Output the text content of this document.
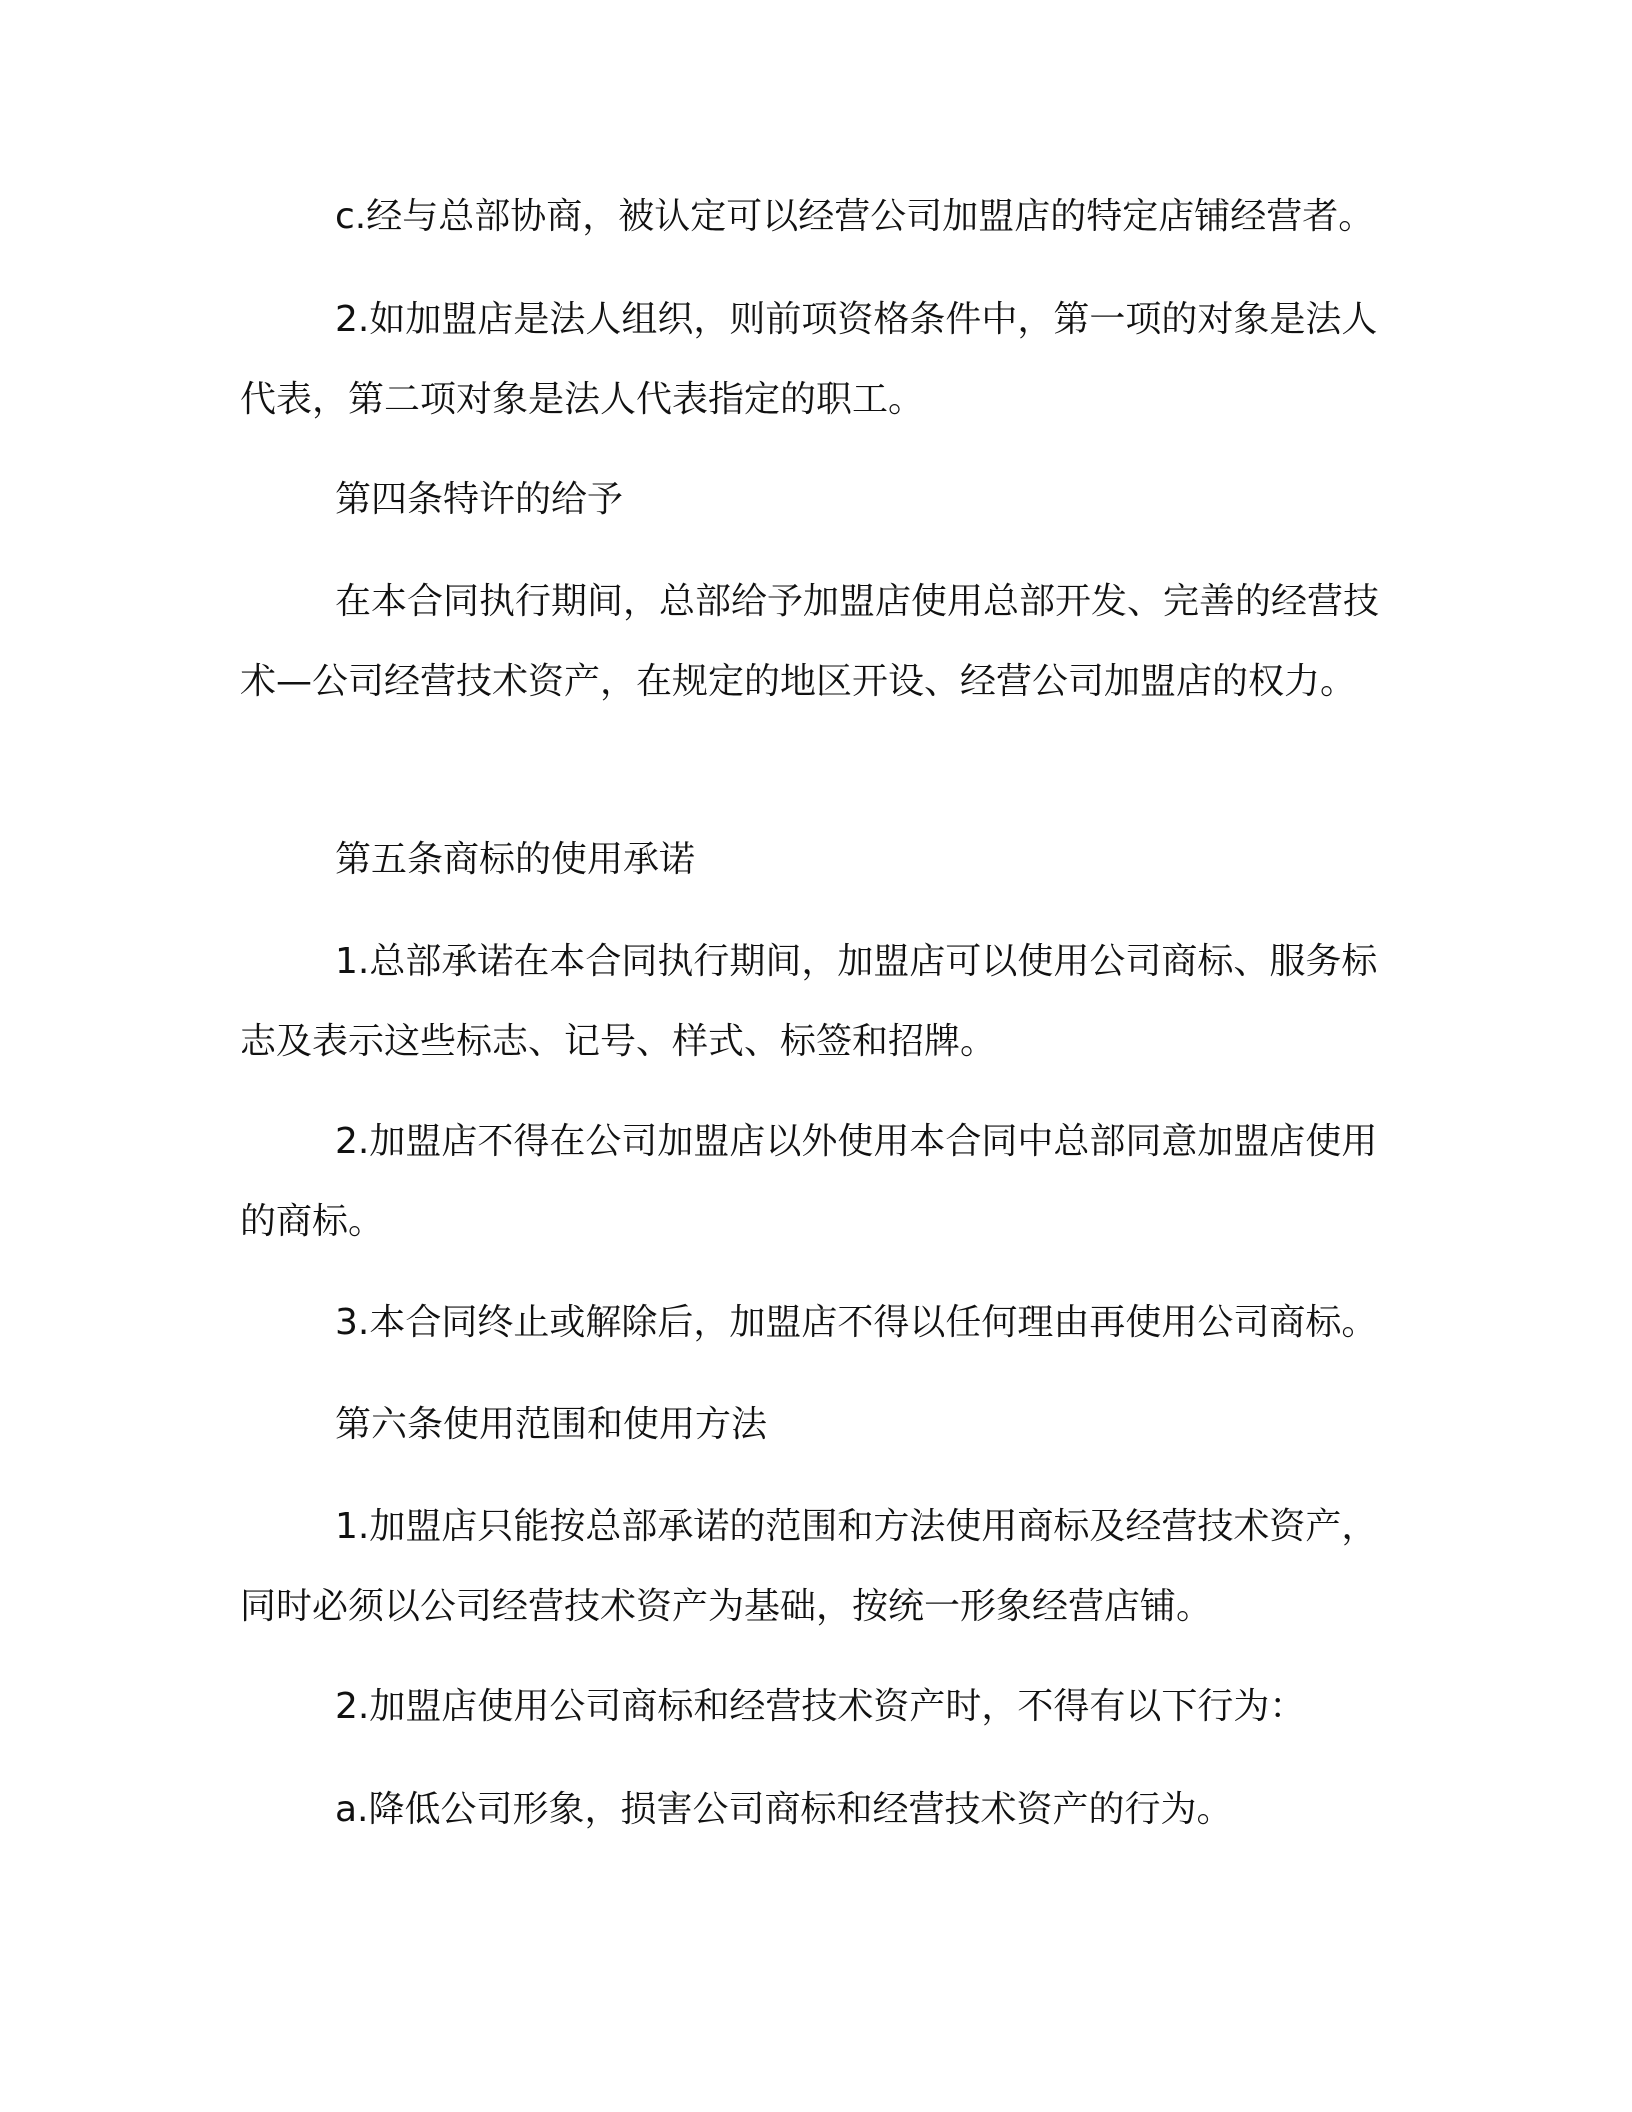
c.经与总部协商，被认定可以经营公司加盟店的特定店铺经营者。

2.如加盟店是法人组织，则前项资格条件中，第一项的对象是法人代表，第二项对象是法人代表指定的职工。

第四条特许的给予

在本合同执行期间，总部给予加盟店使用总部开发、完善的经营技术—公司经营技术资产，在规定的地区开设、经营公司加盟店的权力。

第五条商标的使用承诺

1.总部承诺在本合同执行期间，加盟店可以使用公司商标、服务标志及表示这些标志、记号、样式、标签和招牌。

2.加盟店不得在公司加盟店以外使用本合同中总部同意加盟店使用的商标。

3.本合同终止或解除后，加盟店不得以任何理由再使用公司商标。

第六条使用范围和使用方法

1.加盟店只能按总部承诺的范围和方法使用商标及经营技术资产，同时必须以公司经营技术资产为基础，按统一形象经营店铺。

2.加盟店使用公司商标和经营技术资产时，不得有以下行为：

a.降低公司形象，损害公司商标和经营技术资产的行为。
